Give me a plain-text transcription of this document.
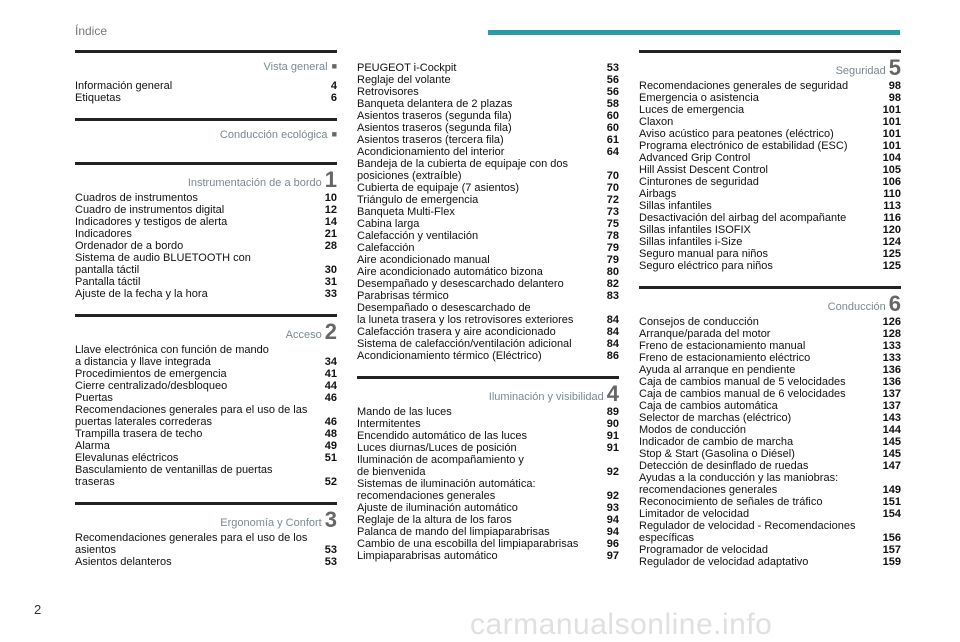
Índice
Vista general ■
Información general	4
Etiquetas	6
Conducción ecológica ■
Instrumentación de a bordo 1
Cuadros de instrumentos	10
Cuadro de instrumentos digital	12
Indicadores y testigos de alerta	14
Indicadores	21
Ordenador de a bordo	28
Sistema de audio BLUETOOTH con
pantalla táctil	30
Pantalla táctil	31
Ajuste de la fecha y la hora	33
Acceso 2
Llave electrónica con función de mando
a distancia y llave integrada	34
Procedimientos de emergencia	41
Cierre centralizado/desbloqueo	44
Puertas	46
Recomendaciones generales para el uso de las
puertas laterales correderas	46
Trampilla trasera de techo	48
Alarma	49
Elevalunas eléctricos	51
Basculamiento de ventanillas de puertas
traseras	52
Ergonomía y Confort 3
Recomendaciones generales para el uso de los
asientos	53
Asientos delanteros	53
PEUGEOT i-Cockpit	53
Reglaje del volante	56
Retrovisores	56
Banqueta delantera de 2 plazas	58
Asientos traseros (segunda fila)	60
Asientos traseros (segunda fila)	60
Asientos traseros (tercera fila)	61
Acondicionamiento del interior	64
Bandeja de la cubierta de equipaje con dos
posiciones (extraíble)	70
Cubierta de equipaje (7 asientos)	70
Triángulo de emergencia	72
Banqueta Multi-Flex	73
Cabina larga	75
Calefacción y ventilación	78
Calefacción	79
Aire acondicionado manual	79
Aire acondicionado automático bizona	80
Desempañado y desescarchado delantero	82
Parabrisas térmico	83
Desempañado o desescarchado de
la luneta trasera y los retrovisores exteriores	84
Calefacción trasera y aire acondicionado	84
Sistema de calefacción/ventilación adicional	84
Acondicionamiento térmico (Eléctrico)	86
Iluminación y visibilidad 4
Mando de las luces	89
Intermitentes	90
Encendido automático de las luces	91
Luces diurnas/Luces de posición	91
Iluminación de acompañamiento y
de bienvenida	92
Sistemas de iluminación automática:
recomendaciones generales	92
Ajuste de iluminación automático	93
Reglaje de la altura de los faros	94
Palanca de mando del limpiaparabrisas	94
Cambio de una escobilla del limpiaparabrisas	96
Limpiaparabrisas automático	97
Seguridad 5
Recomendaciones generales de seguridad	98
Emergencia o asistencia	98
Luces de emergencia	101
Claxon	101
Aviso acústico para peatones (eléctrico)	101
Programa electrónico de estabilidad (ESC)	101
Advanced Grip Control	104
Hill Assist Descent Control	105
Cinturones de seguridad	106
Airbags	110
Sillas infantiles	113
Desactivación del airbag del acompañante	116
Sillas infantiles ISOFIX	120
Sillas infantiles i-Size	124
Seguro manual para niños	125
Seguro eléctrico para niños	125
Conducción 6
Consejos de conducción	126
Arranque/parada del motor	128
Freno de estacionamiento manual	133
Freno de estacionamiento eléctrico	133
Ayuda al arranque en pendiente	136
Caja de cambios manual de 5 velocidades	136
Caja de cambios manual de 6 velocidades	137
Caja de cambios automática	137
Selector de marchas (eléctrico)	143
Modos de conducción	144
Indicador de cambio de marcha	145
Stop & Start (Gasolina o Diésel)	145
Detección de desinflado de ruedas	147
Ayudas a la conducción y las maniobras:
recomendaciones generales	149
Reconocimiento de señales de tráfico	151
Limitador de velocidad	154
Regulador de velocidad - Recomendaciones
específicas	156
Programador de velocidad	157
Regulador de velocidad adaptativo	159
2	carmanualsonline.info
